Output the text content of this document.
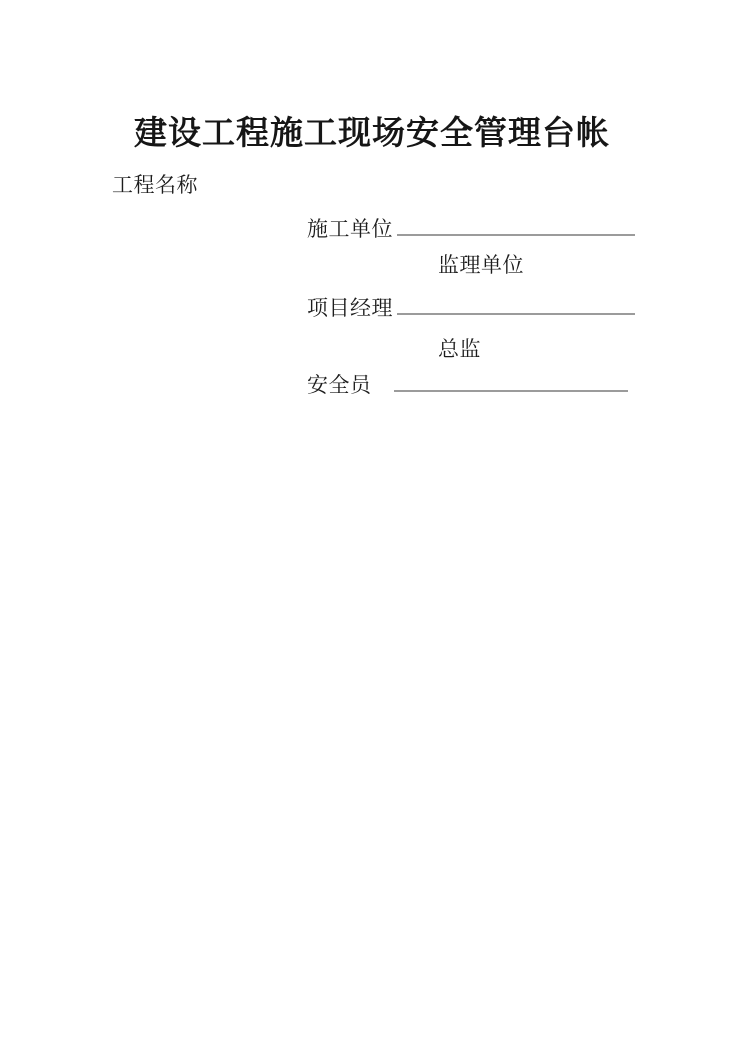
建设工程施工现场安全管理台帐
工程名称
施工单位
监理单位
项目经理
总监
安全员
